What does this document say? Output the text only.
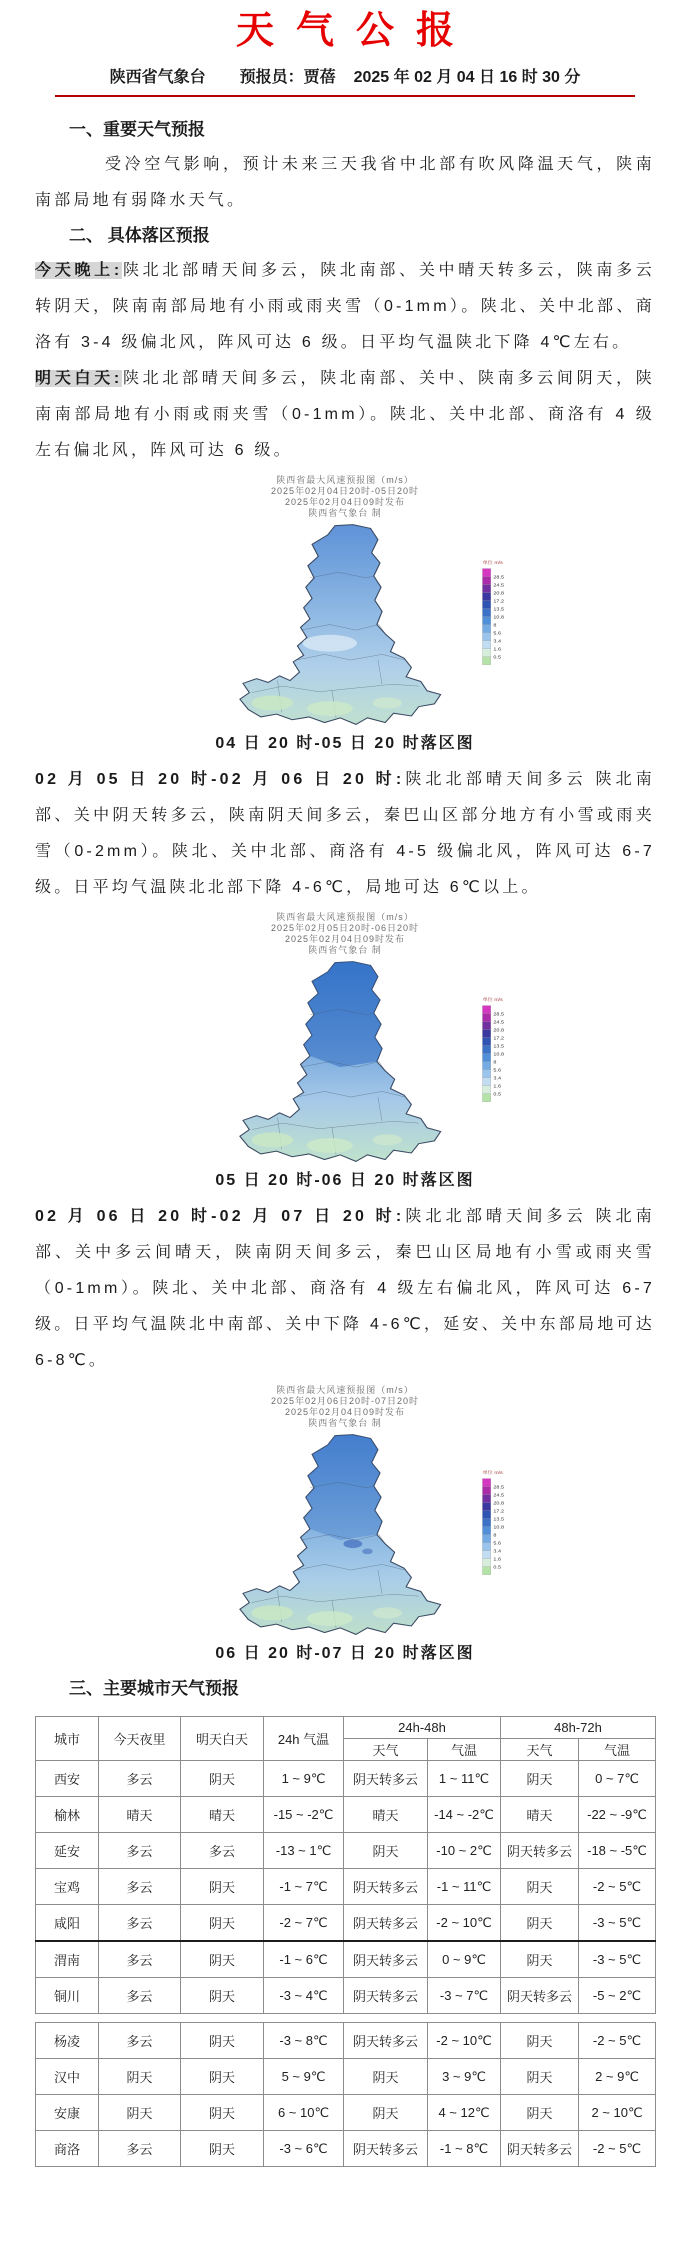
天气公报
陕西省气象台 预报员：贾蓓 2025 年 02 月 04 日 16 时 30 分
一、重要天气预报

受冷空气影响，预计未来三天我省中北部有吹风降温天气，陕南南部局地有弱降水天气。

二、 具体落区预报

今天晚上:陕北北部晴天间多云，陕北南部、关中晴天转多云，陕南多云转阴天，陕南南部局地有小雨或雨夹雪（0-1mm）。陕北、关中北部、商洛有 3-4 级偏北风，阵风可达 6 级。日平均气温陕北下降 4℃左右。

明天白天:陕北北部晴天间多云，陕北南部、关中、陕南多云间阴天，陕南南部局地有小雨或雨夹雪（0-1mm）。陕北、关中北部、商洛有 4 级左右偏北风，阵风可达 6 级。

陕西省最大风速预报图（m/s）
2025年02月04日20时-05日20时
2025年02月04日09时发布
陕西省气象台 制
单位 m/s
28.5
24.5
20.8
17.2
13.5
10.8
8
5.6
3.4
1.6
0.5

04 日 20 时-05 日 20 时落区图

02 月 05 日 20 时-02 月 06 日 20 时:陕北北部晴天间多云 陕北南部、关中阴天转多云，陕南阴天间多云，秦巴山区部分地方有小雪或雨夹雪（0-2mm）。陕北、关中北部、商洛有 4-5 级偏北风，阵风可达 6-7 级。日平均气温陕北北部下降 4-6℃，局地可达 6℃以上。

陕西省最大风速预报图（m/s）
2025年02月05日20时-06日20时
2025年02月04日09时发布
陕西省气象台 制
单位 m/s
28.5
24.5
20.8
17.2
13.5
10.8
8
5.6
3.4
1.6
0.5

05 日 20 时-06 日 20 时落区图

02 月 06 日 20 时-02 月 07 日 20 时:陕北北部晴天间多云 陕北南部、关中多云间晴天，陕南阴天间多云，秦巴山区局地有小雪或雨夹雪（0-1mm）。陕北、关中北部、商洛有 4 级左右偏北风，阵风可达 6-7 级。日平均气温陕北中南部、关中下降 4-6℃，延安、关中东部局地可达 6-8℃。

陕西省最大风速预报图（m/s）
2025年02月06日20时-07日20时
2025年02月04日09时发布
陕西省气象台 制
单位 m/s
28.5
24.5
20.8
17.2
13.5
10.8
8
5.6
3.4
1.6
0.5

06 日 20 时-07 日 20 时落区图

三、主要城市天气预报
城市	今天夜里	明天白天	24h 气温	24h-48h		48h-72h	
				天气	气温	天气	气温
西安	多云	阴天	1 ~ 9℃	阴天转多云	1 ~ 11℃	阴天	0 ~ 7℃
榆林	晴天	晴天	-15 ~ -2℃	晴天	-14 ~ -2℃	晴天	-22 ~ -9℃
延安	多云	多云	-13 ~ 1℃	阴天	-10 ~ 2℃	阴天转多云	-18 ~ -5℃
宝鸡	多云	阴天	-1 ~ 7℃	阴天转多云	-1 ~ 11℃	阴天	-2 ~ 5℃
咸阳	多云	阴天	-2 ~ 7℃	阴天转多云	-2 ~ 10℃	阴天	-3 ~ 5℃
渭南	多云	阴天	-1 ~ 6℃	阴天转多云	0 ~ 9℃	阴天	-3 ~ 5℃
铜川	多云	阴天	-3 ~ 4℃	阴天转多云	-3 ~ 7℃	阴天转多云	-5 ~ 2℃
杨凌	多云	阴天	-3 ~ 8℃	阴天转多云	-2 ~ 10℃	阴天	-2 ~ 5℃
汉中	阴天	阴天	5 ~ 9℃	阴天	3 ~ 9℃	阴天	2 ~ 9℃
安康	阴天	阴天	6 ~ 10℃	阴天	4 ~ 12℃	阴天	2 ~ 10℃
商洛	多云	阴天	-3 ~ 6℃	阴天转多云	-1 ~ 8℃	阴天转多云	-2 ~ 5℃
